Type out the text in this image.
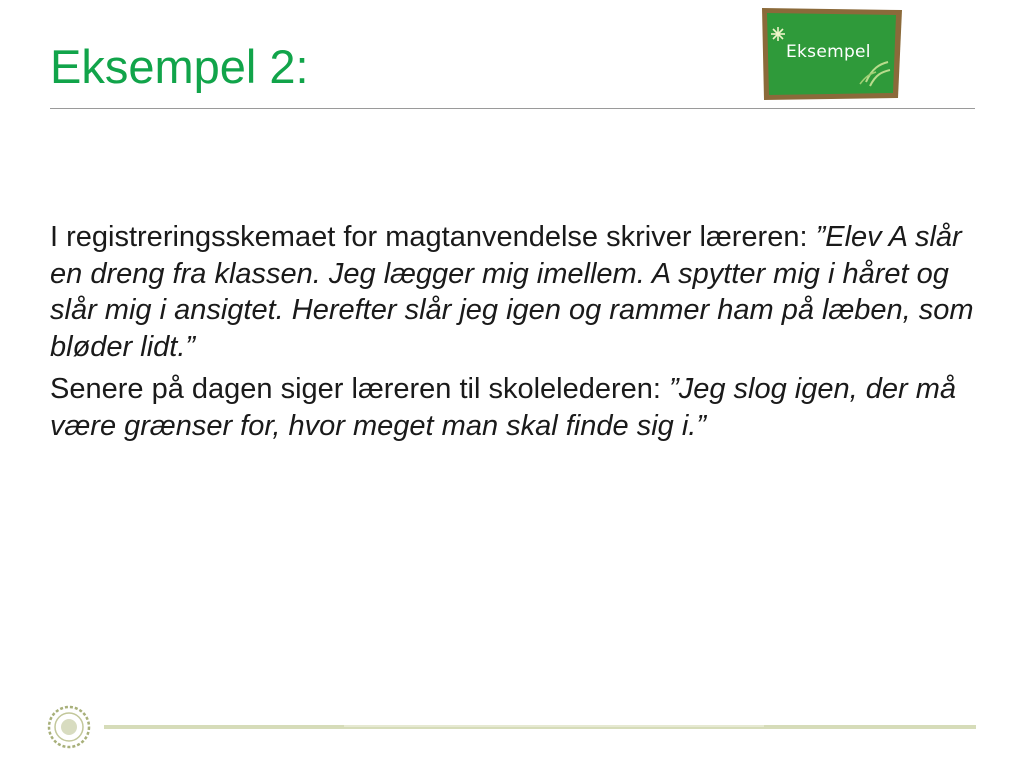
Eksempel 2:	Eksempel

I registreringsskemaet for magtanvendelse skriver læreren: ”Elev A slår en dreng fra klassen. Jeg lægger mig imellem. A spytter mig i håret og slår mig i ansigtet. Herefter slår jeg igen og rammer ham på læben, som bløder lidt.”

Senere på dagen siger læreren til skolelederen: ”Jeg slog igen, der må være grænser for, hvor meget man skal finde sig i.”
